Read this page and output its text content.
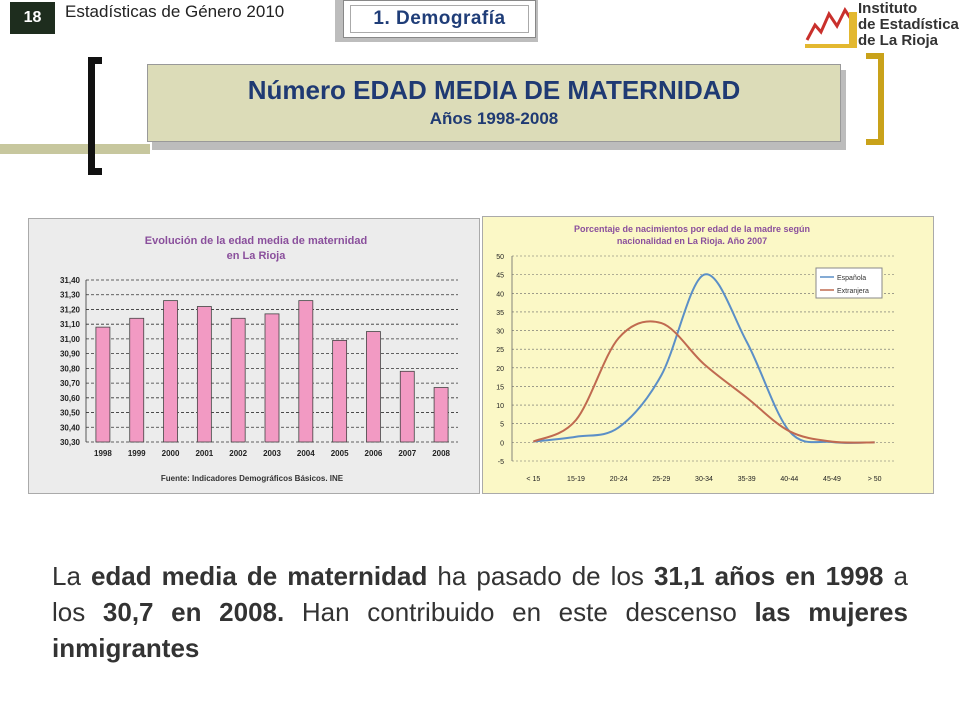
18	Estadísticas de Género 2010	1. Demografía	Instituto
de Estadística
de La Rioja
Número EDAD MEDIA DE MATERNIDAD
Años 1998-2008
Evolución de la edad media de maternidad
en La Rioja
31,40
31,30
31,20
31,10
31,00
30,90
30,80
30,70
30,60
30,50
30,40
30,30
1998 1999 2000 2001 2002 2003 2004 2005 2006 2007 2008
Fuente: Indicadores Demográficos Básicos. INE
Porcentaje de nacimientos por edad de la madre según
nacionalidad en La Rioja. Año 2007
50
45
40
35
30
25
20
15
10
5
0
-5
< 15	15-19	20-24	25-29	30-34	35-39	40-44	45-49	> 50
Española
Extranjera
La edad media de maternidad ha pasado de los 31,1 años en 1998 a los 30,7 en 2008. Han contribuido en este descenso las mujeres inmigrantes
